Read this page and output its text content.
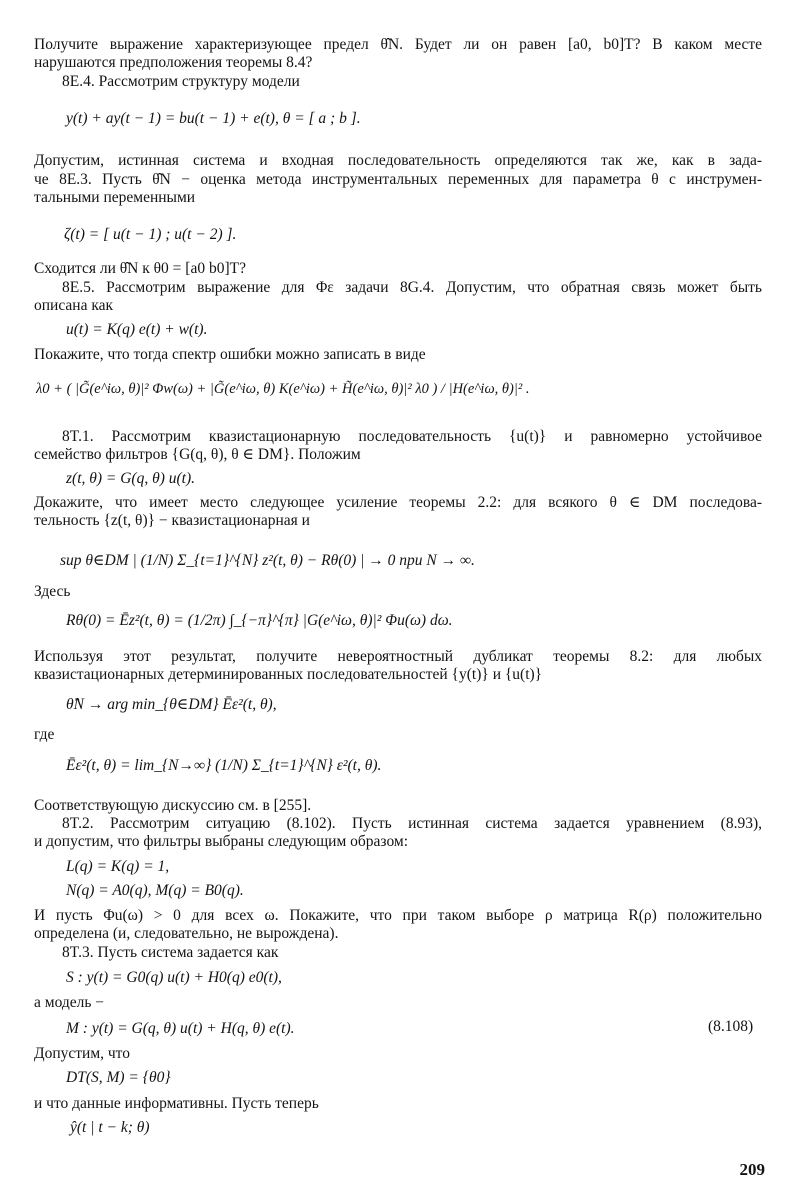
Получите выражение характеризующее предел θ̂N. Будет ли он равен [a0, b0]T? В каком месте
нарушаются предположения теоремы 8.4?
8E.4. Рассмотрим структуру модели
y(t) + ay(t − 1) = bu(t − 1) + e(t), θ = [ a ; b ].
Допустим, истинная система и входная последовательность определяются так же, как в зада-
че 8E.3. Пусть θ̂N − оценка метода инструментальных переменных для параметра θ с инструмен-
тальными переменными
ζ(t) = [ u(t − 1) ; u(t − 2) ].
Сходится ли θ̂N к θ0 = [a0 b0]T?
8E.5. Рассмотрим выражение для Φε задачи 8G.4. Допустим, что обратная связь может быть
описана как
u(t) = K(q) e(t) + w(t).
Покажите, что тогда спектр ошибки можно записать в виде
λ0 + ( |G̃(e^iω, θ)|² Φw(ω) + |G̃(e^iω, θ) K(e^iω) + H̃(e^iω, θ)|² λ0 ) / |H(e^iω, θ)|² .
8T.1. Рассмотрим квазистационарную последовательность {u(t)} и равномерно устойчивое
семейство фильтров {G(q, θ), θ ∈ DM}. Положим
z(t, θ) = G(q, θ) u(t).
Докажите, что имеет место следующее усиление теоремы 2.2: для всякого θ ∈ DM последова-
тельность {z(t, θ)} − квазистационарная и
sup θ∈DM | (1/N) Σ_{t=1}^{N} z²(t, θ) − Rθ(0) | → 0 при N → ∞.
Здесь
Rθ(0) = Ēz²(t, θ) = (1/2π) ∫_{−π}^{π} |G(e^iω, θ)|² Φu(ω) dω.
Используя этот результат, получите невероятностный дубликат теоремы 8.2: для любых
квазистационарных детерминированных последовательностей {y(t)} и {u(t)}
θ̂N → arg min_{θ∈DM} Ēε²(t, θ),
где
Ēε²(t, θ) = lim_{N→∞} (1/N) Σ_{t=1}^{N} ε²(t, θ).
Соответствующую дискуссию см. в [255].
8T.2. Рассмотрим ситуацию (8.102). Пусть истинная система задается уравнением (8.93),
и допустим, что фильтры выбраны следующим образом:
L(q) = K(q) = 1,
N(q) = A0(q), M(q) = B0(q).
И пусть Φu(ω) > 0 для всех ω. Покажите, что при таком выборе ρ матрица R(ρ) положительно
определена (и, следовательно, не вырождена).
8T.3. Пусть система задается как
S : y(t) = G0(q) u(t) + H0(q) e0(t),
а модель −
M : y(t) = G(q, θ) u(t) + H(q, θ) e(t).	(8.108)
Допустим, что
DT(S, M) = {θ0}
и что данные информативны. Пусть теперь
ŷ(t | t − k; θ)
209
